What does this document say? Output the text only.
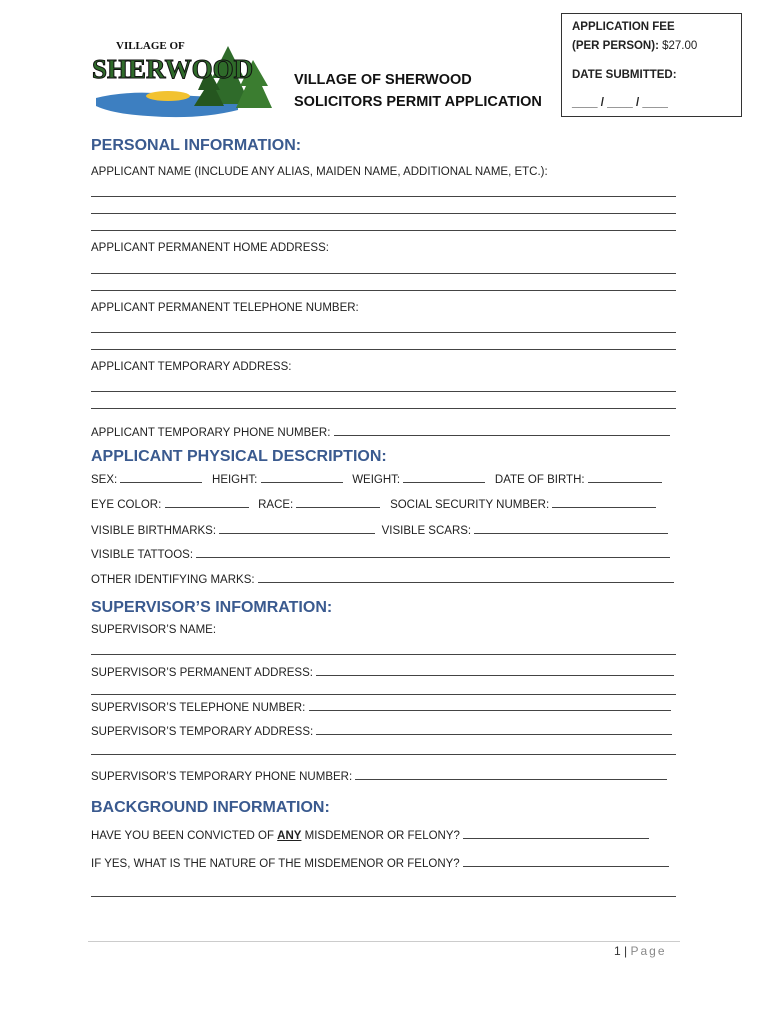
VILLAGE OF
SHERWOOD	VILLAGE OF SHERWOOD
SOLICITORS PERMIT APPLICATION
APPLICATION FEE
(PER PERSON): $27.00
DATE SUBMITTED:
____ / ____ / ____
PERSONAL INFORMATION:
APPLICANT NAME (INCLUDE ANY ALIAS, MAIDEN NAME, ADDITIONAL NAME, ETC.):
APPLICANT PERMANENT HOME ADDRESS:
APPLICANT PERMANENT TELEPHONE NUMBER:
APPLICANT TEMPORARY ADDRESS:
APPLICANT TEMPORARY PHONE NUMBER:
APPLICANT PHYSICAL DESCRIPTION:
SEX:	HEIGHT:	WEIGHT:	DATE OF BIRTH:
EYE COLOR:	RACE:	SOCIAL SECURITY NUMBER:
VISIBLE BIRTHMARKS:	VISIBLE SCARS:
VISIBLE TATTOOS:
OTHER IDENTIFYING MARKS:
SUPERVISOR’S INFOMRATION:
SUPERVISOR’S NAME:
SUPERVISOR’S PERMANENT ADDRESS:
SUPERVISOR’S TELEPHONE NUMBER:
SUPERVISOR’S TEMPORARY ADDRESS:
SUPERVISOR’S TEMPORARY PHONE NUMBER:
BACKGROUND INFORMATION:
HAVE YOU BEEN CONVICTED OF ANY MISDEMENOR OR FELONY?
IF YES, WHAT IS THE NATURE OF THE MISDEMENOR OR FELONY?
1 | Page
